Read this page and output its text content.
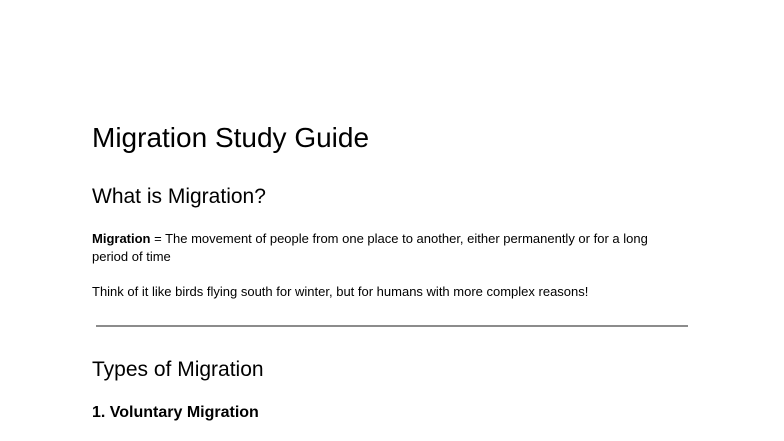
Migration Study Guide
What is Migration?

Migration = The movement of people from one place to another, either permanently or for a long period of time

Think of it like birds flying south for winter, but for humans with more complex reasons!

Types of Migration
1. Voluntary Migration
